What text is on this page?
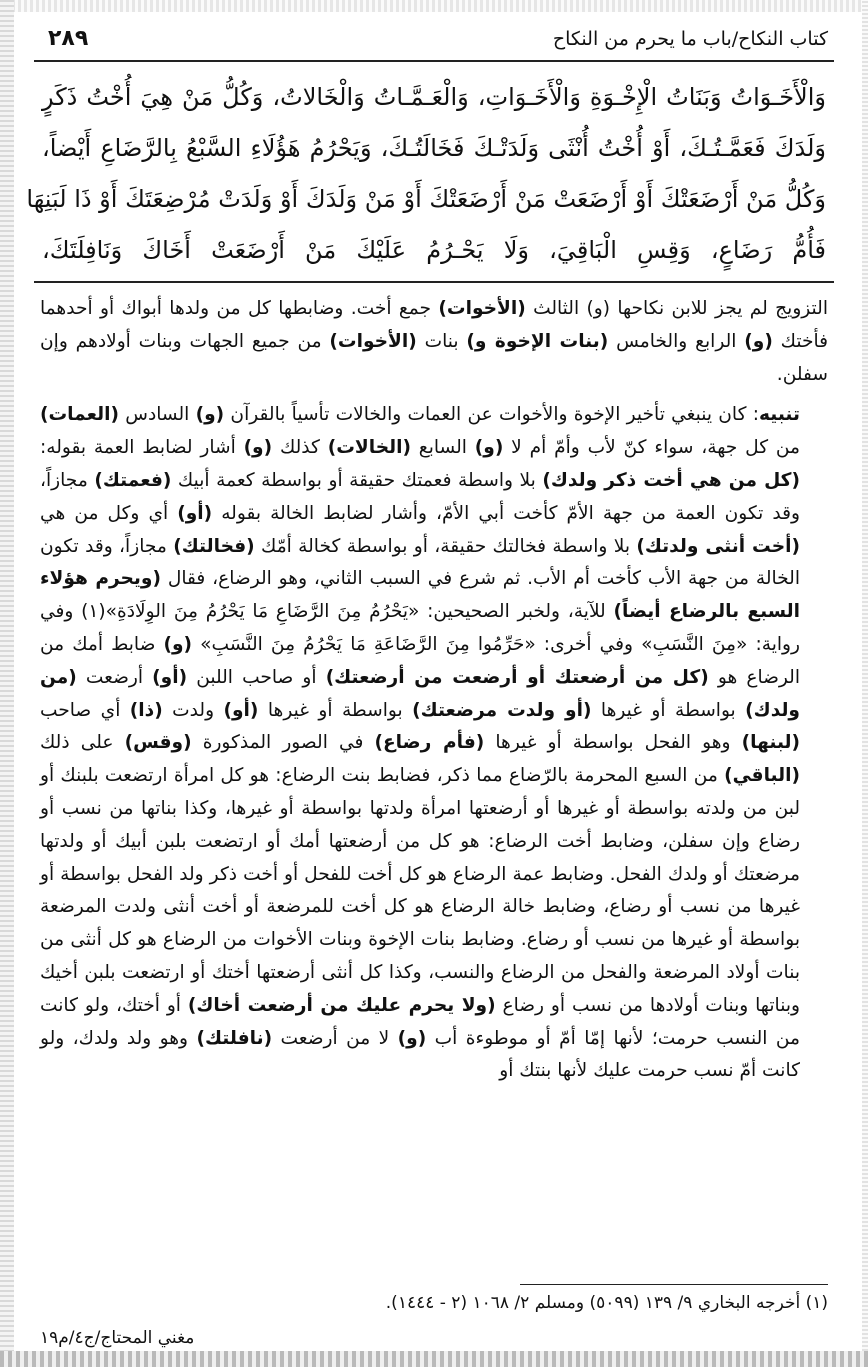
كتاب النكاح/باب ما يحرم من النكاح
٢٨٩
وَالْأَخَـوَاتُ وَبَنَاتُ الْإِخْـوَةِ وَالْأَخَـوَاتِ، وَالْعَـمَّـاتُ وَالْخَالاتُ، وَكُلُّ مَنْ هِيَ أُخْتُ ذَكَرٍ
وَلَدَكَ فَعَمَّـتُـكَ، أَوْ أُخْتُ أُنْثَى وَلَدَتْـكَ فَخَالَتُـكَ، وَيَحْرُمُ هَؤُلَاءِ السَّبْعُ بِالرَّضَاعِ أَيْضاً،
وَكُلُّ مَنْ أَرْضَعَتْكَ أَوْ أَرْضَعَتْ مَنْ أَرْضَعَتْكَ أَوْ مَنْ وَلَدَكَ أَوْ وَلَدَتْ مُرْضِعَتَكَ أَوْ ذَا لَبَنِهَا
فَأُمُّ رَضَاعٍ، وَقِسِ الْبَاقِيَ، وَلَا يَحْـرُمُ عَلَيْكَ مَنْ أَرْضَعَتْ أَخَاكَ وَنَافِلَتَكَ،

التزويج لم يجز للابن نكاحها (و) الثالث (الأخوات) جمع أخت. وضابطها كل من ولدها أبواك أو أحدهما فأختك (و) الرابع والخامس (بنات الإخوة و) بنات (الأخوات) من جميع الجهات وبنات أولادهم وإن سفلن.

تنبيه: كان ينبغي تأخير الإخوة والأخوات عن العمات والخالات تأسياً بالقرآن (و) السادس (العمات) من كل جهة، سواء كنّ لأب وأمّ أم لا (و) السابع (الخالات) كذلك (و) أشار لضابط العمة بقوله: (كل من هي أخت ذكر ولدك) بلا واسطة فعمتك حقيقة أو بواسطة كعمة أبيك (فعمتك) مجازاً، وقد تكون العمة من جهة الأمّ كأخت أبي الأمّ، وأشار لضابط الخالة بقوله (أو) أي وكل من هي (أخت أنثى ولدتك) بلا واسطة فخالتك حقيقة، أو بواسطة كخالة أمّك (فخالتك) مجازاً، وقد تكون الخالة من جهة الأب كأخت أم الأب. ثم شرع في السبب الثاني، وهو الرضاع، فقال (ويحرم هؤلاء السبع بالرضاع أيضاً) للآية، ولخبر الصحيحين: «يَحْرُمُ مِنَ الرَّضَاعِ مَا يَحْرُمُ مِنَ الوِلَادَةِ»(١) وفي رواية: «مِنَ النَّسَبِ» وفي أخرى: «حَرِّمُوا مِنَ الرَّضَاعَةِ مَا يَحْرُمُ مِنَ النَّسَبِ» (و) ضابط أمك من الرضاع هو (كل من أرضعتك أو أرضعت من أرضعتك) أو صاحب اللبن (أو) أرضعت (من ولدك) بواسطة أو غيرها (أو ولدت مرضعتك) بواسطة أو غيرها (أو) ولدت (ذا) أي صاحب (لبنها) وهو الفحل بواسطة أو غيرها (فأم رضاع) في الصور المذكورة (وقس) على ذلك (الباقي) من السبع المحرمة بالرّضاع مما ذكر، فضابط بنت الرضاع: هو كل امرأة ارتضعت بلبنك أو لبن من ولدته بواسطة أو غيرها أو أرضعتها امرأة ولدتها بواسطة أو غيرها، وكذا بناتها من نسب أو رضاع وإن سفلن، وضابط أخت الرضاع: هو كل من أرضعتها أمك أو ارتضعت بلبن أبيك أو ولدتها مرضعتك أو ولدك الفحل. وضابط عمة الرضاع هو كل أخت للفحل أو أخت ذكر ولد الفحل بواسطة أو غيرها من نسب أو رضاع، وضابط خالة الرضاع هو كل أخت للمرضعة أو أخت أنثى ولدت المرضعة بواسطة أو غيرها من نسب أو رضاع. وضابط بنات الإخوة وبنات الأخوات من الرضاع هو كل أنثى من بنات أولاد المرضعة والفحل من الرضاع والنسب، وكذا كل أنثى أرضعتها أختك أو ارتضعت بلبن أخيك وبناتها وبنات أولادها من نسب أو رضاع (ولا يحرم عليك من أرضعت أخاك) أو أختك، ولو كانت من النسب حرمت؛ لأنها إمّا أمّ أو موطوءة أب (و) لا من أرضعت (نافلتك) وهو ولد ولدك، ولو كانت أمّ نسب حرمت عليك لأنها بنتك أو

(١) أخرجه البخاري ٩/ ١٣٩ (٥٠٩٩) ومسلم ٢/ ١٠٦٨ (٢ - ١٤٤٤).
مغني المحتاج/ج٤/م١٩
